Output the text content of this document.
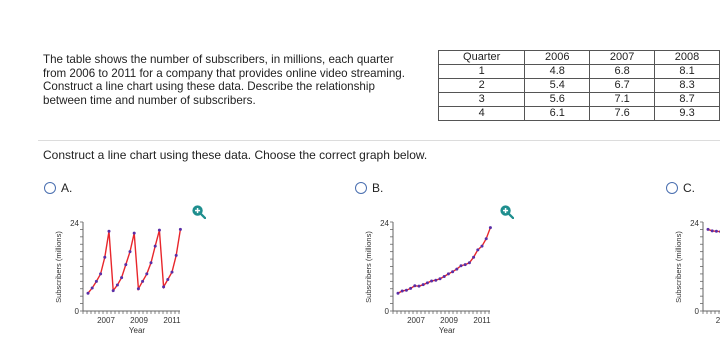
The table shows the number of subscribers, in millions, each quarter
from 2006 to 2011 for a company that provides online video streaming.
Construct a line chart using these data. Describe the relationship
between time and number of subscribers.
Quarter	2006	2007	2008
1	4.8	6.8	8.1
2	5.4	6.7	8.3
3	5.6	7.1	8.7
4	6.1	7.6	9.3
Construct a line chart using these data. Choose the correct graph below.
A.	B.	C.
Subscribers (millions)
24
0
2007 2009 2011
Year
Subscribers (millions)
24
0
2007 2009 2011
Year
Subscribers (millions)
24
0
2
